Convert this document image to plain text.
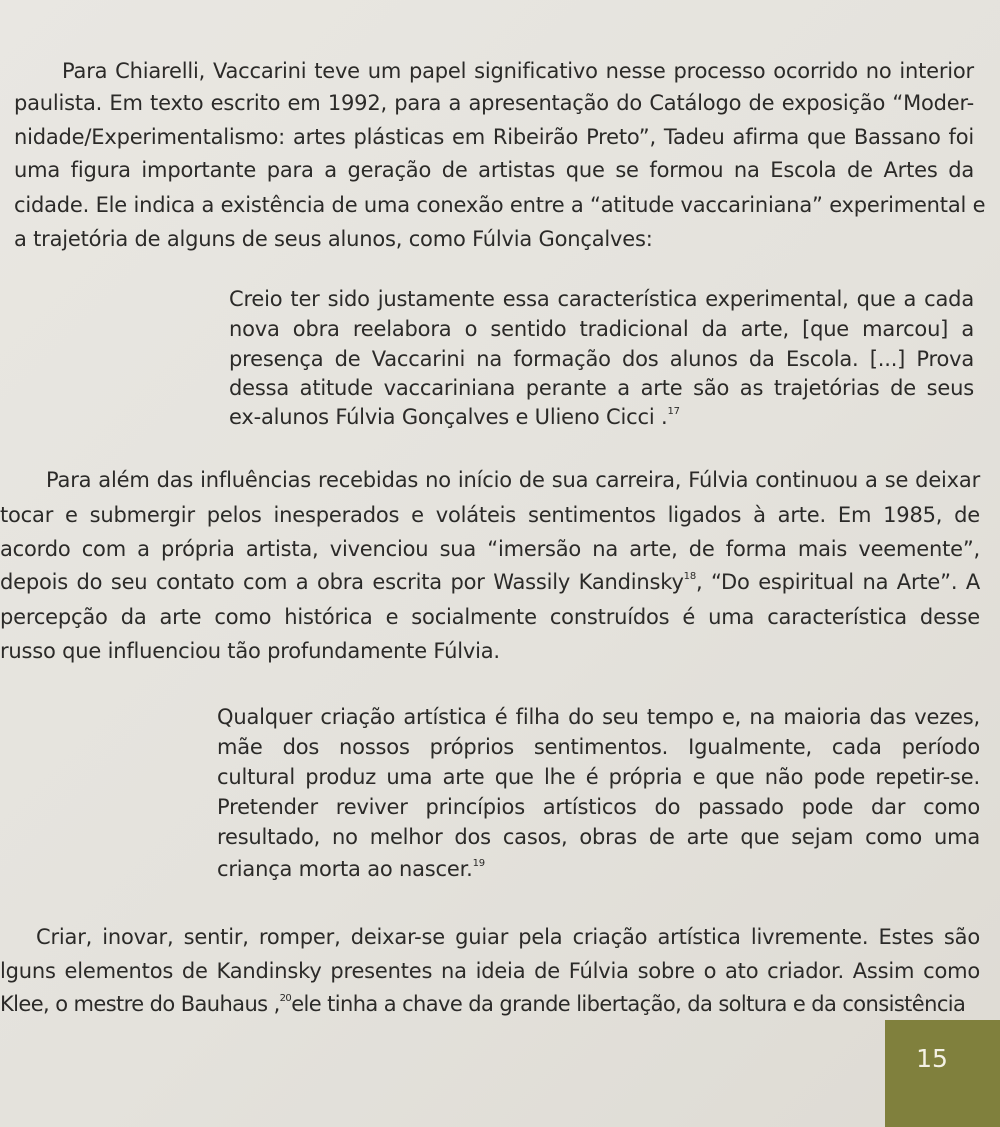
Para Chiarelli, Vaccarini teve um papel significativo nesse processo ocorrido no interior
paulista. Em texto escrito em 1992, para a apresentação do Catálogo de exposição “Moder-
nidade/Experimentalismo: artes plásticas em Ribeirão Preto”, Tadeu afirma que Bassano foi
uma figura importante para a geração de artistas que se formou na Escola de Artes da
cidade. Ele indica a existência de uma conexão entre a “atitude vaccariniana” experimental e
a trajetória de alguns de seus alunos, como Fúlvia Gonçalves:
Creio ter sido justamente essa característica experimental, que a cada
nova obra reelabora o sentido tradicional da arte, [que marcou] a
presença de Vaccarini na formação dos alunos da Escola. [...] Prova
dessa atitude vaccariniana perante a arte são as trajetórias de seus
ex-alunos Fúlvia Gonçalves e Ulieno Cicci .$^{17}$
Para além das influências recebidas no início de sua carreira, Fúlvia continuou a se deixar
tocar e submergir pelos inesperados e voláteis sentimentos ligados à arte. Em 1985, de
acordo com a própria artista, vivenciou sua “imersão na arte, de forma mais veemente”,
depois do seu contato com a obra escrita por Wassily Kandinsky$^{18}$, “Do espiritual na Arte”. A
percepção da arte como histórica e socialmente construídos é uma característica desse
russo que influenciou tão profundamente Fúlvia.
Qualquer criação artística é filha do seu tempo e, na maioria das vezes,
mãe dos nossos próprios sentimentos. Igualmente, cada período
cultural produz uma arte que lhe é própria e que não pode repetir-se.
Pretender reviver princípios artísticos do passado pode dar como
resultado, no melhor dos casos, obras de arte que sejam como uma
criança morta ao nascer.$^{19}$
Criar, inovar, sentir, romper, deixar-se guiar pela criação artística livremente. Estes são
lguns elementos de Kandinsky presentes na ideia de Fúlvia sobre o ato criador. Assim como
Klee, o mestre do Bauhaus ,$^{20}$ele tinha a chave da grande libertação, da soltura e da consistência
15
